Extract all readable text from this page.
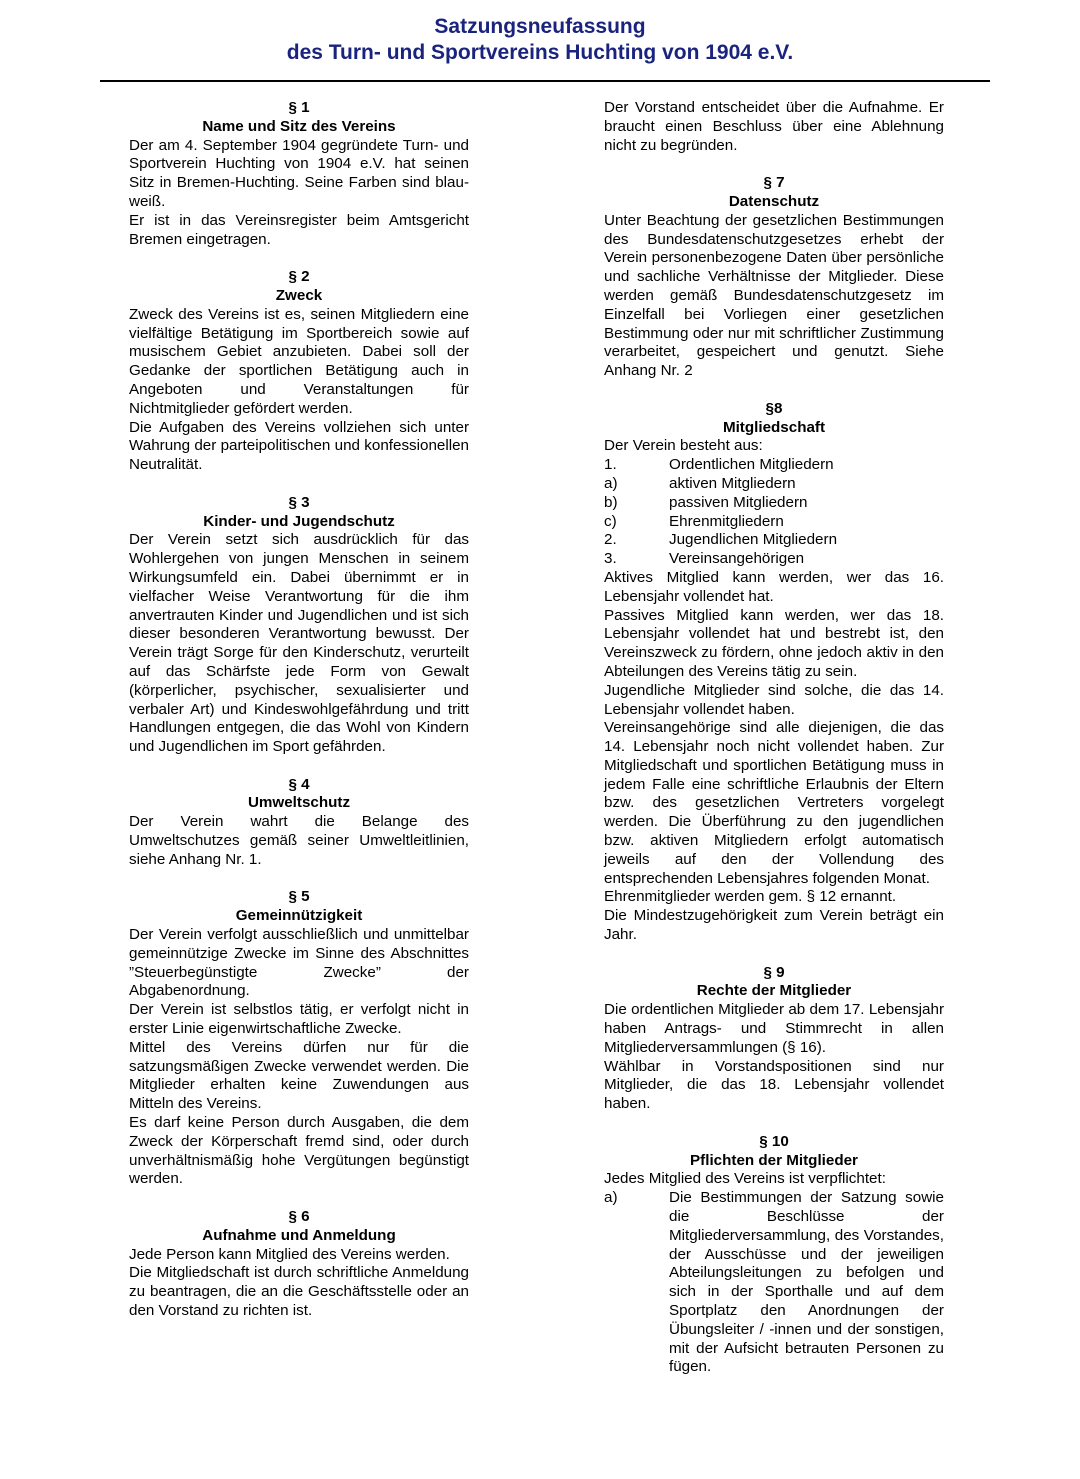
Satzungsneufassung
des Turn- und Sportvereins Huchting von 1904 e.V.
§ 1
Name und Sitz des Vereins
Der am 4. September 1904 gegründete Turn- und Sportverein Huchting von 1904 e.V. hat seinen Sitz in Bremen-Huchting. Seine Farben sind blau-weiß.
Er ist in das Vereinsregister beim Amtsgericht Bremen eingetragen.
§ 2
Zweck
Zweck des Vereins ist es, seinen Mitgliedern eine vielfältige Betätigung im Sportbereich sowie auf musischem Gebiet anzubieten. Dabei soll der Gedanke der sportlichen Betätigung auch in Angeboten und Veranstaltungen für Nichtmitglieder gefördert werden.
Die Aufgaben des Vereins vollziehen sich unter Wahrung der parteipolitischen und konfessionellen Neutralität.
§ 3
Kinder- und Jugendschutz
Der Verein setzt sich ausdrücklich für das Wohlergehen von jungen Menschen in seinem Wirkungsumfeld ein. Dabei übernimmt er in vielfacher Weise Verantwortung für die ihm anvertrauten Kinder und Jugendlichen und ist sich dieser besonderen Verantwortung bewusst. Der Verein trägt Sorge für den Kinderschutz, verurteilt auf das Schärfste jede Form von Gewalt (körperlicher, psychischer, sexualisierter und verbaler Art) und Kindeswohlgefährdung und tritt Handlungen entgegen, die das Wohl von Kindern und Jugendlichen im Sport gefährden.
§ 4
Umweltschutz
Der Verein wahrt die Belange des Umweltschutzes gemäß seiner Umweltleitlinien, siehe Anhang Nr. 1.
§ 5
Gemeinnützigkeit
Der Verein verfolgt ausschließlich und unmittelbar gemeinnützige Zwecke im Sinne des Abschnittes ”Steuerbegünstigte Zwecke” der Abgabenordnung.
Der Verein ist selbstlos tätig, er verfolgt nicht in erster Linie eigenwirtschaftliche Zwecke.
Mittel des Vereins dürfen nur für die satzungsmäßigen Zwecke verwendet werden. Die Mitglieder erhalten keine Zuwendungen aus Mitteln des Vereins.
Es darf keine Person durch Ausgaben, die dem Zweck der Körperschaft fremd sind, oder durch unverhältnismäßig hohe Vergütungen begünstigt werden.
§ 6
Aufnahme und Anmeldung
Jede Person kann Mitglied des Vereins werden.
Die Mitgliedschaft ist durch schriftliche Anmeldung zu beantragen, die an die Geschäftsstelle oder an den Vorstand zu richten ist.
Der Vorstand entscheidet über die Aufnahme. Er braucht einen Beschluss über eine Ablehnung nicht zu begründen.
§ 7
Datenschutz
Unter Beachtung der gesetzlichen Bestimmungen des Bundesdatenschutzgesetzes erhebt der Verein personenbezogene Daten über persönliche und sachliche Verhältnisse der Mitglieder. Diese werden gemäß Bundesdatenschutzgesetz im Einzelfall bei Vorliegen einer gesetzlichen Bestimmung oder nur mit schriftlicher Zustimmung verarbeitet, gespeichert und genutzt. Siehe Anhang Nr. 2
§8
Mitgliedschaft
Der Verein besteht aus:
1.	Ordentlichen Mitgliedern
a)	aktiven Mitgliedern
b)	passiven Mitgliedern
c)	Ehrenmitgliedern
2.	Jugendlichen Mitgliedern
3.	Vereinsangehörigen
Aktives Mitglied kann werden, wer das 16. Lebensjahr vollendet hat.
Passives Mitglied kann werden, wer das 18. Lebensjahr vollendet hat und bestrebt ist, den Vereinszweck zu fördern, ohne jedoch aktiv in den Abteilungen des Vereins tätig zu sein.
Jugendliche Mitglieder sind solche, die das 14. Lebensjahr vollendet haben.
Vereinsangehörige sind alle diejenigen, die das 14. Lebensjahr noch nicht vollendet haben. Zur Mitgliedschaft und sportlichen Betätigung muss in jedem Falle eine schriftliche Erlaubnis der Eltern bzw. des gesetzlichen Vertreters vorgelegt werden. Die Überführung zu den jugendlichen bzw. aktiven Mitgliedern erfolgt automatisch jeweils auf den der Vollendung des entsprechenden Lebensjahres folgenden Monat.
Ehrenmitglieder werden gem. § 12 ernannt.
Die Mindestzugehörigkeit zum Verein beträgt ein Jahr.
§ 9
Rechte der Mitglieder
Die ordentlichen Mitglieder ab dem 17. Lebensjahr haben Antrags- und Stimmrecht in allen Mitgliederversammlungen (§ 16).
Wählbar in Vorstandspositionen sind nur Mitglieder, die das 18. Lebensjahr vollendet haben.
§ 10
Pflichten der Mitglieder
Jedes Mitglied des Vereins ist verpflichtet:
a)	Die Bestimmungen der Satzung sowie die Beschlüsse der Mitgliederversammlung, des Vorstandes, der Ausschüsse und der jeweiligen Abteilungsleitungen zu befolgen und sich in der Sporthalle und auf dem Sportplatz den Anordnungen der Übungsleiter / -innen und der sonstigen, mit der Aufsicht betrauten Personen zu fügen.
